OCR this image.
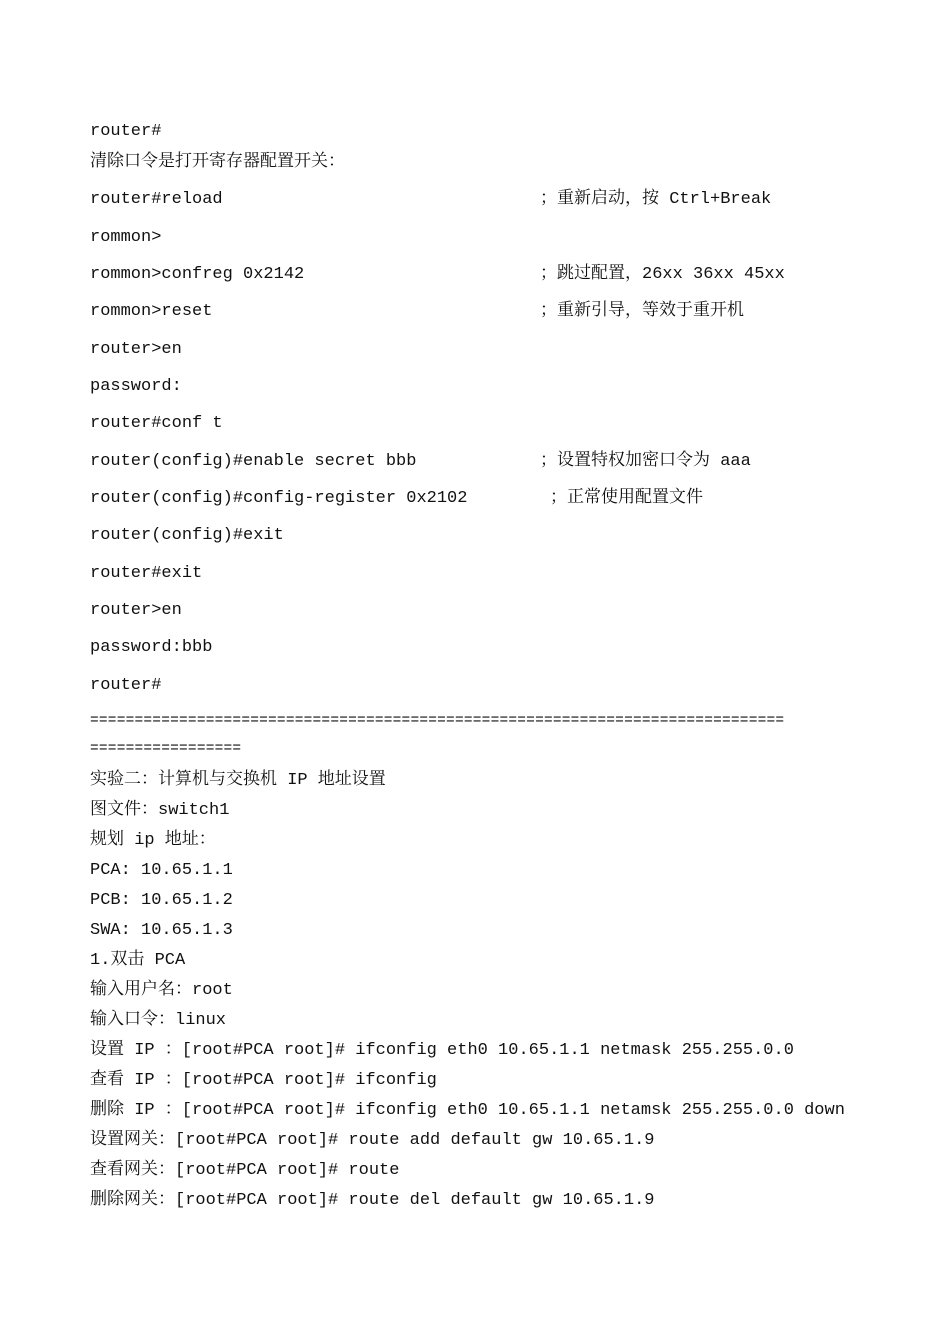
router#
清除口令是打开寄存器配置开关：
router#reload	；重新启动，按 Ctrl+Break
rommon>
rommon>confreg 0x2142	；跳过配置，26xx 36xx 45xx
rommon>reset	；重新引导，等效于重开机
router>en
password:
router#conf t
router(config)#enable secret bbb	；设置特权加密口令为 aaa
router(config)#config-register 0x2102	；正常使用配置文件
router(config)#exit
router#exit
router>en
password:bbb
router#
==============================================================================
=================
实验二：计算机与交换机 IP 地址设置
图文件：switch1
规划 ip 地址：
PCA: 10.65.1.1
PCB: 10.65.1.2
SWA: 10.65.1.3
1.双击 PCA
输入用户名：root
输入口令：linux
设置 IP ：[root#PCA root]# ifconfig eth0 10.65.1.1 netmask 255.255.0.0
查看 IP ：[root#PCA root]# ifconfig
删除 IP ：[root#PCA root]# ifconfig eth0 10.65.1.1 netamsk 255.255.0.0 down
设置网关：[root#PCA root]# route add default gw 10.65.1.9
查看网关：[root#PCA root]# route
删除网关：[root#PCA root]# route del default gw 10.65.1.9
